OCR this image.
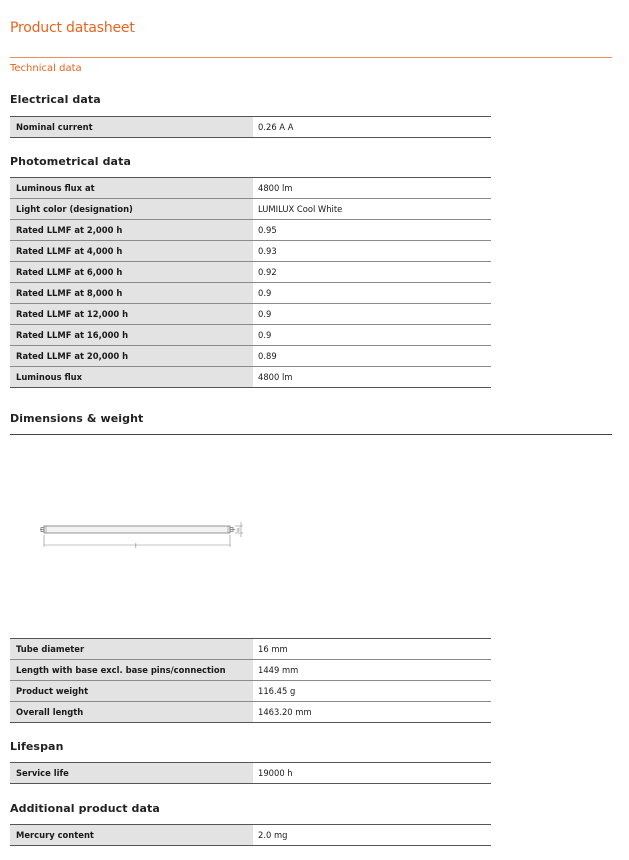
Product datasheet
Technical data
Electrical data
Nominal current	0.26 A A
Photometrical data
Luminous flux at	4800 lm
Light color (designation)	LUMILUX Cool White
Rated LLMF at 2,000 h	0.95
Rated LLMF at 4,000 h	0.93
Rated LLMF at 6,000 h	0.92
Rated LLMF at 8,000 h	0.9
Rated LLMF at 12,000 h	0.9
Rated LLMF at 16,000 h	0.9
Rated LLMF at 20,000 h	0.89
Luminous flux	4800 lm
Dimensions & weight
l
d
Tube diameter	16 mm
Length with base excl. base pins/connection	1449 mm
Product weight	116.45 g
Overall length	1463.20 mm
Lifespan
Service life	19000 h
Additional product data
Mercury content	2.0 mg
